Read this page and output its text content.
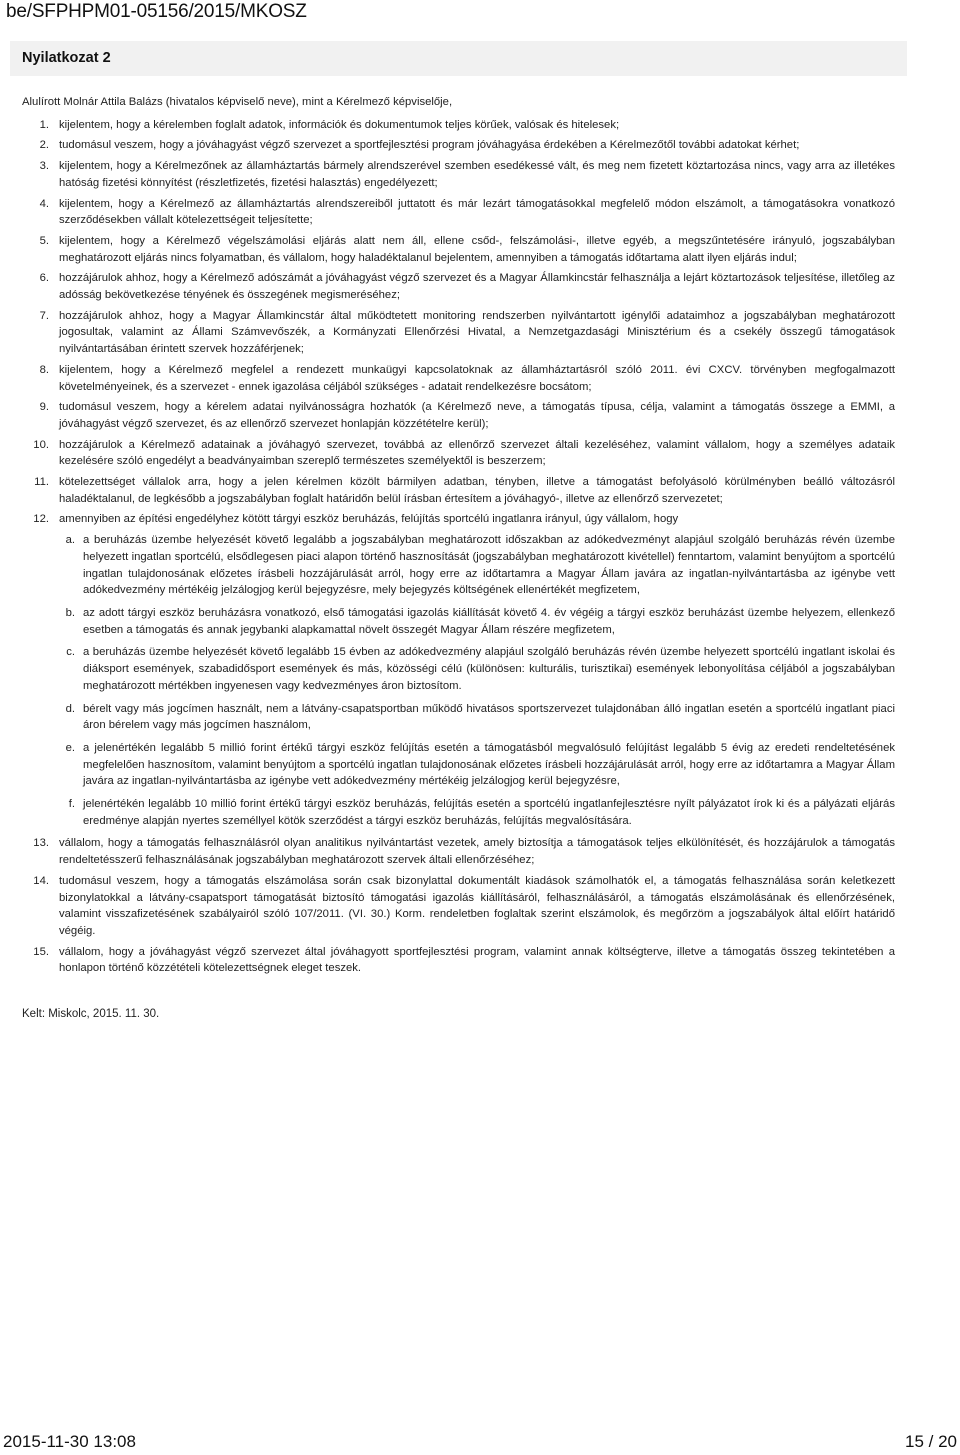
be/SFPHPM01-05156/2015/MKOSZ
Nyilatkozat 2

Alulírott Molnár Attila Balázs (hivatalos képviselő neve), mint a Kérelmező képviselője,

1. kijelentem, hogy a kérelemben foglalt adatok, információk és dokumentumok teljes körűek, valósak és hitelesek;
2. tudomásul veszem, hogy a jóváhagyást végző szervezet a sportfejlesztési program jóváhagyása érdekében a Kérelmezőtől további adatokat kérhet;
3. kijelentem, hogy a Kérelmezőnek az államháztartás bármely alrendszerével szemben esedékessé vált, és meg nem fizetett köztartozása nincs, vagy arra az illetékes hatóság fizetési könnyítést (részletfizetés, fizetési halasztás) engedélyezett;
4. kijelentem, hogy a Kérelmező az államháztartás alrendszereiből juttatott és már lezárt támogatásokkal megfelelő módon elszámolt, a támogatásokra vonatkozó szerződésekben vállalt kötelezettségeit teljesítette;
5. kijelentem, hogy a Kérelmező végelszámolási eljárás alatt nem áll, ellene csőd-, felszámolási-, illetve egyéb, a megszűntetésére irányuló, jogszabályban meghatározott eljárás nincs folyamatban, és vállalom, hogy haladéktalanul bejelentem, amennyiben a támogatás időtartama alatt ilyen eljárás indul;
6. hozzájárulok ahhoz, hogy a Kérelmező adószámát a jóváhagyást végző szervezet és a Magyar Államkincstár felhasználja a lejárt köztartozások teljesítése, illetőleg az adósság bekövetkezése tényének és összegének megismeréséhez;
7. hozzájárulok ahhoz, hogy a Magyar Államkincstár által működtetett monitoring rendszerben nyilvántartott igénylői adataimhoz a jogszabályban meghatározott jogosultak, valamint az Állami Számvevőszék, a Kormányzati Ellenőrzési Hivatal, a Nemzetgazdasági Minisztérium és a csekély összegű támogatások nyilvántartásában érintett szervek hozzáférjenek;
8. kijelentem, hogy a Kérelmező megfelel a rendezett munkaügyi kapcsolatoknak az államháztartásról szóló 2011. évi CXCV. törvényben megfogalmazott követelményeinek, és a szervezet - ennek igazolása céljából szükséges - adatait rendelkezésre bocsátom;
9. tudomásul veszem, hogy a kérelem adatai nyilvánosságra hozhatók (a Kérelmező neve, a támogatás típusa, célja, valamint a támogatás összege a EMMI, a jóváhagyást végző szervezet, és az ellenőrző szervezet honlapján közzétételre kerül);
10. hozzájárulok a Kérelmező adatainak a jóváhagyó szervezet, továbbá az ellenőrző szervezet általi kezeléséhez, valamint vállalom, hogy a személyes adataik kezelésére szóló engedélyt a beadványaimban szereplő természetes személyektől is beszerzem;
11. kötelezettséget vállalok arra, hogy a jelen kérelmen közölt bármilyen adatban, tényben, illetve a támogatást befolyásoló körülményben beálló változásról haladéktalanul, de legkésőbb a jogszabályban foglalt határidőn belül írásban értesítem a jóváhagyó-, illetve az ellenőrző szervezetet;
12. amennyiben az építési engedélyhez kötött tárgyi eszköz beruházás, felújítás sportcélú ingatlanra irányul, úgy vállalom, hogy
a. a beruházás üzembe helyezését követő legalább a jogszabályban meghatározott időszakban az adókedvezményt alapjául szolgáló beruházás révén üzembe helyezett ingatlan sportcélú, elsődlegesen piaci alapon történő hasznosítását (jogszabályban meghatározott kivétellel) fenntartom, valamint benyújtom a sportcélú ingatlan tulajdonosának előzetes írásbeli hozzájárulását arról, hogy erre az időtartamra a Magyar Állam javára az ingatlan-nyilvántartásba az igénybe vett adókedvezmény mértékéig jelzálogjog kerül bejegyzésre, mely bejegyzés költségének ellenértékét megfizetem,
b. az adott tárgyi eszköz beruházásra vonatkozó, első támogatási igazolás kiállítását követő 4. év végéig a tárgyi eszköz beruházást üzembe helyezem, ellenkező esetben a támogatás és annak jegybanki alapkamattal növelt összegét Magyar Állam részére megfizetem,
c. a beruházás üzembe helyezését követő legalább 15 évben az adókedvezmény alapjául szolgáló beruházás révén üzembe helyezett sportcélú ingatlant iskolai és diáksport események, szabadidősport események és más, közösségi célú (különösen: kulturális, turisztikai) események lebonyolítása céljából a jogszabályban meghatározott mértékben ingyenesen vagy kedvezményes áron biztosítom.
d. bérelt vagy más jogcímen használt, nem a látvány-csapatsportban működő hivatásos sportszervezet tulajdonában álló ingatlan esetén a sportcélú ingatlant piaci áron bérelem vagy más jogcímen használom,
e. a jelenértékén legalább 5 millió forint értékű tárgyi eszköz felújítás esetén a támogatásból megvalósuló felújítást legalább 5 évig az eredeti rendeltetésének megfelelően hasznosítom, valamint benyújtom a sportcélú ingatlan tulajdonosának előzetes írásbeli hozzájárulását arról, hogy erre az időtartamra a Magyar Állam javára az ingatlan-nyilvántartásba az igénybe vett adókedvezmény mértékéig jelzálogjog kerül bejegyzésre,
f. jelenértékén legalább 10 millió forint értékű tárgyi eszköz beruházás, felújítás esetén a sportcélú ingatlanfejlesztésre nyílt pályázatot írok ki és a pályázati eljárás eredménye alapján nyertes személlyel kötök szerződést a tárgyi eszköz beruházás, felújítás megvalósítására.
13. vállalom, hogy a támogatás felhasználásról olyan analitikus nyilvántartást vezetek, amely biztosítja a támogatások teljes elkülönítését, és hozzájárulok a támogatás rendeltetésszerű felhasználásának jogszabályban meghatározott szervek általi ellenőrzéséhez;
14. tudomásul veszem, hogy a támogatás elszámolása során csak bizonylattal dokumentált kiadások számolhatók el, a támogatás felhasználása során keletkezett bizonylatokkal a látvány-csapatsport támogatását biztosító támogatási igazolás kiállításáról, felhasználásáról, a támogatás elszámolásának és ellenőrzésének, valamint visszafizetésének szabályairól szóló 107/2011. (VI. 30.) Korm. rendeletben foglaltak szerint elszámolok, és megőrzöm a jogszabályok által előírt határidő végéig.
15. vállalom, hogy a jóváhagyást végző szervezet által jóváhagyott sportfejlesztési program, valamint annak költségterve, illetve a támogatás összeg tekintetében a honlapon történő közzétételi kötelezettségnek eleget teszek.
Kelt: Miskolc, 2015. 11. 30.
2015-11-30 13:08	15 / 20
